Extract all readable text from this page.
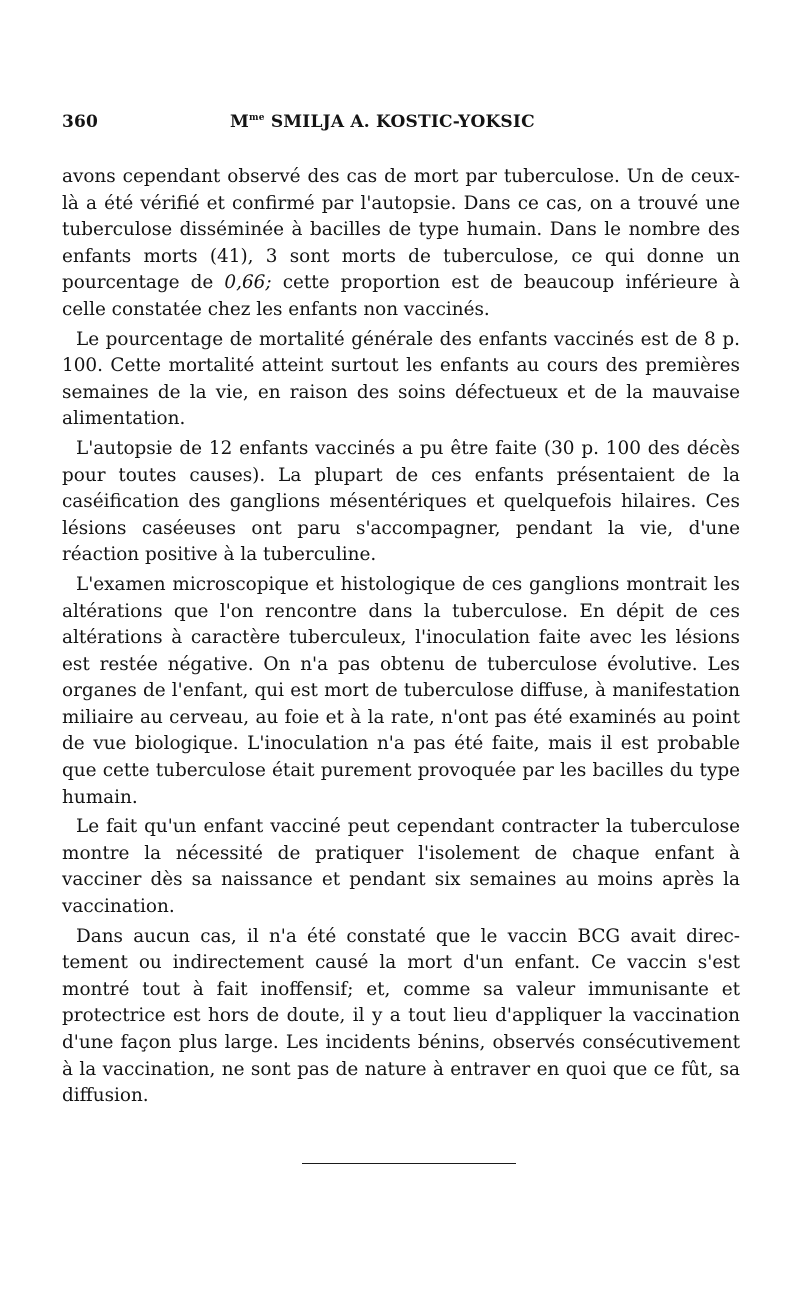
360	$M^{me}$ SMILJA A. KOSTIC-YOKSIC

avons cependant observé des cas de mort par tuberculose. Un de ceux-là a été vérifié et confirmé par l'autopsie. Dans ce cas, on a trouvé une tuberculose disséminée à bacilles de type humain. Dans le nombre des enfants morts (41), 3 sont morts de tuberculose, ce qui donne un pourcentage de 0,66; cette proportion est de beaucoup inférieure à celle constatée chez les enfants non vaccinés.

Le pourcentage de mortalité générale des enfants vaccinés est de 8 p. 100. Cette mortalité atteint surtout les enfants au cours des premières semaines de la vie, en raison des soins défectueux et de la mauvaise alimentation.

L'autopsie de 12 enfants vaccinés a pu être faite (30 p. 100 des décès pour toutes causes). La plupart de ces enfants présentaient de la caséification des ganglions mésentériques et quelquefois hilaires. Ces lésions caséeuses ont paru s'accompagner, pendant la vie, d'une réaction positive à la tuberculine.

L'examen microscopique et histologique de ces ganglions montrait les altérations que l'on rencontre dans la tuberculose. En dépit de ces altérations à caractère tuberculeux, l'inoculation faite avec les lésions est restée négative. On n'a pas obtenu de tuberculose évolutive. Les organes de l'enfant, qui est mort de tuberculose diffuse, à manifestation miliaire au cerveau, au foie et à la rate, n'ont pas été examinés au point de vue biologique. L'inoculation n'a pas été faite, mais il est probable que cette tuberculose était purement provoquée par les bacilles du type humain.

Le fait qu'un enfant vacciné peut cependant contracter la tuberculose montre la nécessité de pratiquer l'isolement de chaque enfant à vacciner dès sa naissance et pendant six semaines au moins après la vaccination.

Dans aucun cas, il n'a été constaté que le vaccin BCG avait directement ou indirectement causé la mort d'un enfant. Ce vaccin s'est montré tout à fait inoffensif; et, comme sa valeur immunisante et protectrice est hors de doute, il y a tout lieu d'appliquer la vaccination d'une façon plus large. Les incidents bénins, observés consécutivement à la vaccination, ne sont pas de nature à entraver en quoi que ce fût, sa diffusion.
